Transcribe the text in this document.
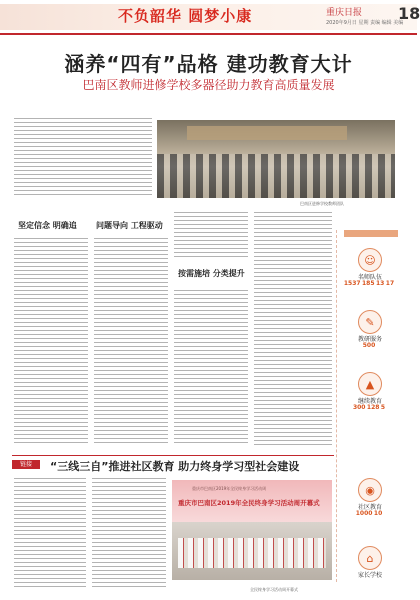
不负韶华 圆梦小康	重庆日报 18
2020年9月日 星期 责编 编辑 美编
涵养“四有”品格 建功教育大计
巴南区教师进修学校多器径助力教育高质量发展
巴南区进修学校教师团队
坚定信念 明确追 问题导向 工程驱动
按需施培 分类提升
☺
名师队伍
1537 185 13 17
✎
教研服务
500
▲
继续教育
300 128 5
◉
社区教育
1000 10
⌂
家长学校
链接	“三线三自”推进社区教育 助力终身学习型社会建设
重庆市巴南区2019年全民终身学习活动周
重庆市巴南区2019年全民终身学习活动周开幕式
全民终身学习活动周开幕式
